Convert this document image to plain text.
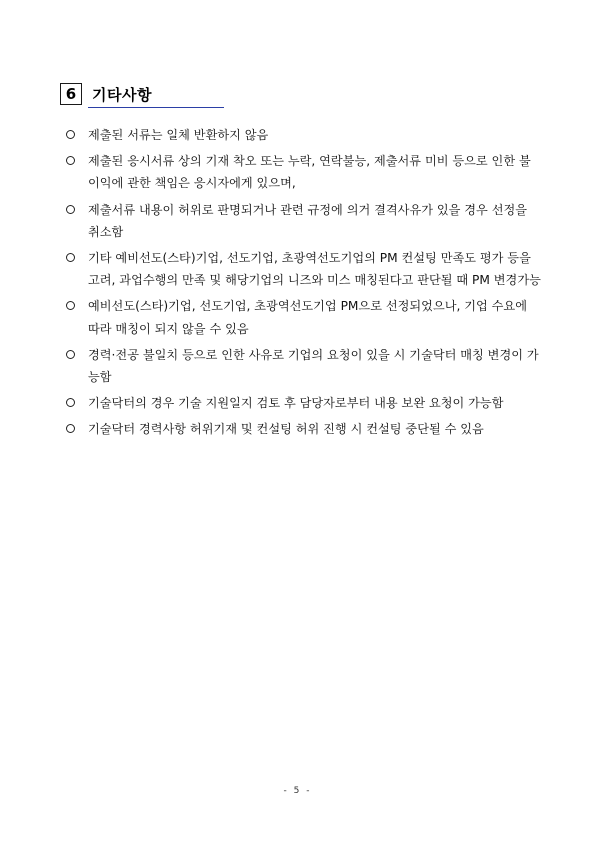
6	기타사항
제출된 서류는 일체 반환하지 않음
제출된 응시서류 상의 기재 착오 또는 누락, 연락불능, 제출서류 미비 등으로 인한 불이익에 관한 책임은 응시자에게 있으며,
제출서류 내용이 허위로 판명되거나 관련 규정에 의거 결격사유가 있을 경우 선정을 취소함
기타 예비선도(스타)기업, 선도기업, 초광역선도기업의 PM 컨설팅 만족도 평가 등을 고려, 과업수행의 만족 및 해당기업의 니즈와 미스 매칭된다고 판단될 때 PM 변경가능
예비선도(스타)기업, 선도기업, 초광역선도기업 PM으로 선정되었으나, 기업 수요에 따라 매칭이 되지 않을 수 있음
경력·전공 불일치 등으로 인한 사유로 기업의 요청이 있을 시 기술닥터 매칭 변경이 가능함
기술닥터의 경우 기술 지원일지 검토 후 담당자로부터 내용 보완 요청이 가능함
기술닥터 경력사항 허위기재 및 컨설팅 허위 진행 시 컨설팅 중단될 수 있음
- 5 -
